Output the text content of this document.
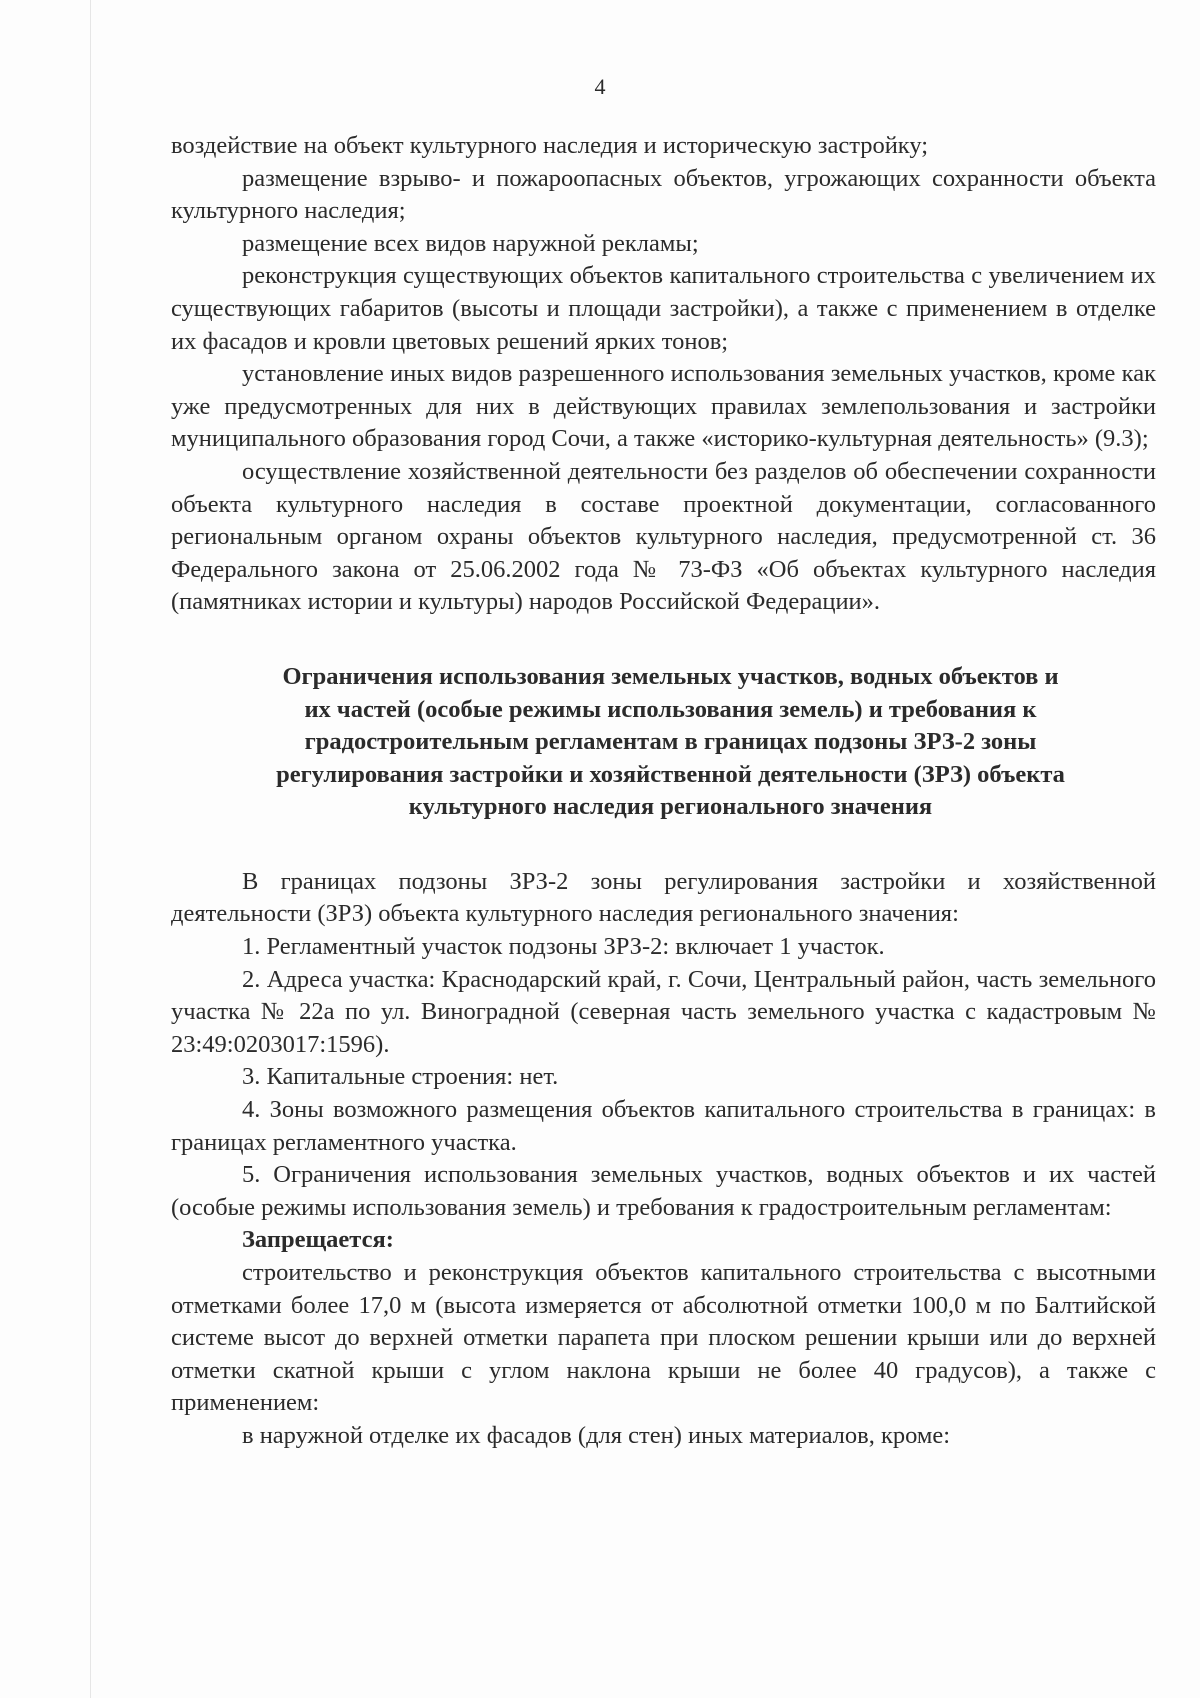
4

воздействие на объект культурного наследия и историческую застройку;

размещение взрыво- и пожароопасных объектов, угрожающих сохранности объекта культурного наследия;

размещение всех видов наружной рекламы;

реконструкция существующих объектов капитального строительства с увеличением их существующих габаритов (высоты и площади застройки), а также с применением в отделке их фасадов и кровли цветовых решений ярких тонов;

установление иных видов разрешенного использования земельных участков, кроме как уже предусмотренных для них в действующих правилах землепользования и застройки муниципального образования город Сочи, а также «историко-культурная деятельность» (9.3);

осуществление хозяйственной деятельности без разделов об обеспечении сохранности объекта культурного наследия в составе проектной документации, согласованного региональным органом охраны объектов культурного наследия, предусмотренной ст. 36 Федерального закона от 25.06.2002 года № 73-ФЗ «Об объектах культурного наследия (памятниках истории и культуры) народов Российской Федерации».

Ограничения использования земельных участков, водных объектов и
их частей (особые режимы использования земель) и требования к
градостроительным регламентам в границах подзоны ЗРЗ-2 зоны
регулирования застройки и хозяйственной деятельности (ЗРЗ) объекта
культурного наследия регионального значения

В границах подзоны ЗРЗ-2 зоны регулирования застройки и хозяйственной деятельности (ЗРЗ) объекта культурного наследия регионального значения:

1. Регламентный участок подзоны ЗРЗ-2: включает 1 участок.

2. Адреса участка: Краснодарский край, г. Сочи, Центральный район, часть земельного участка № 22а по ул. Виноградной (северная часть земельного участка с кадастровым № 23:49:0203017:1596).

3. Капитальные строения: нет.

4. Зоны возможного размещения объектов капитального строительства в границах: в границах регламентного участка.

5. Ограничения использования земельных участков, водных объектов и их частей (особые режимы использования земель) и требования к градостроительным регламентам:

Запрещается:

строительство и реконструкция объектов капитального строительства с высотными отметками более 17,0 м (высота измеряется от абсолютной отметки 100,0 м по Балтийской системе высот до верхней отметки парапета при плоском решении крыши или до верхней отметки скатной крыши с углом наклона крыши не более 40 градусов), а также с применением:

в наружной отделке их фасадов (для стен) иных материалов, кроме:
